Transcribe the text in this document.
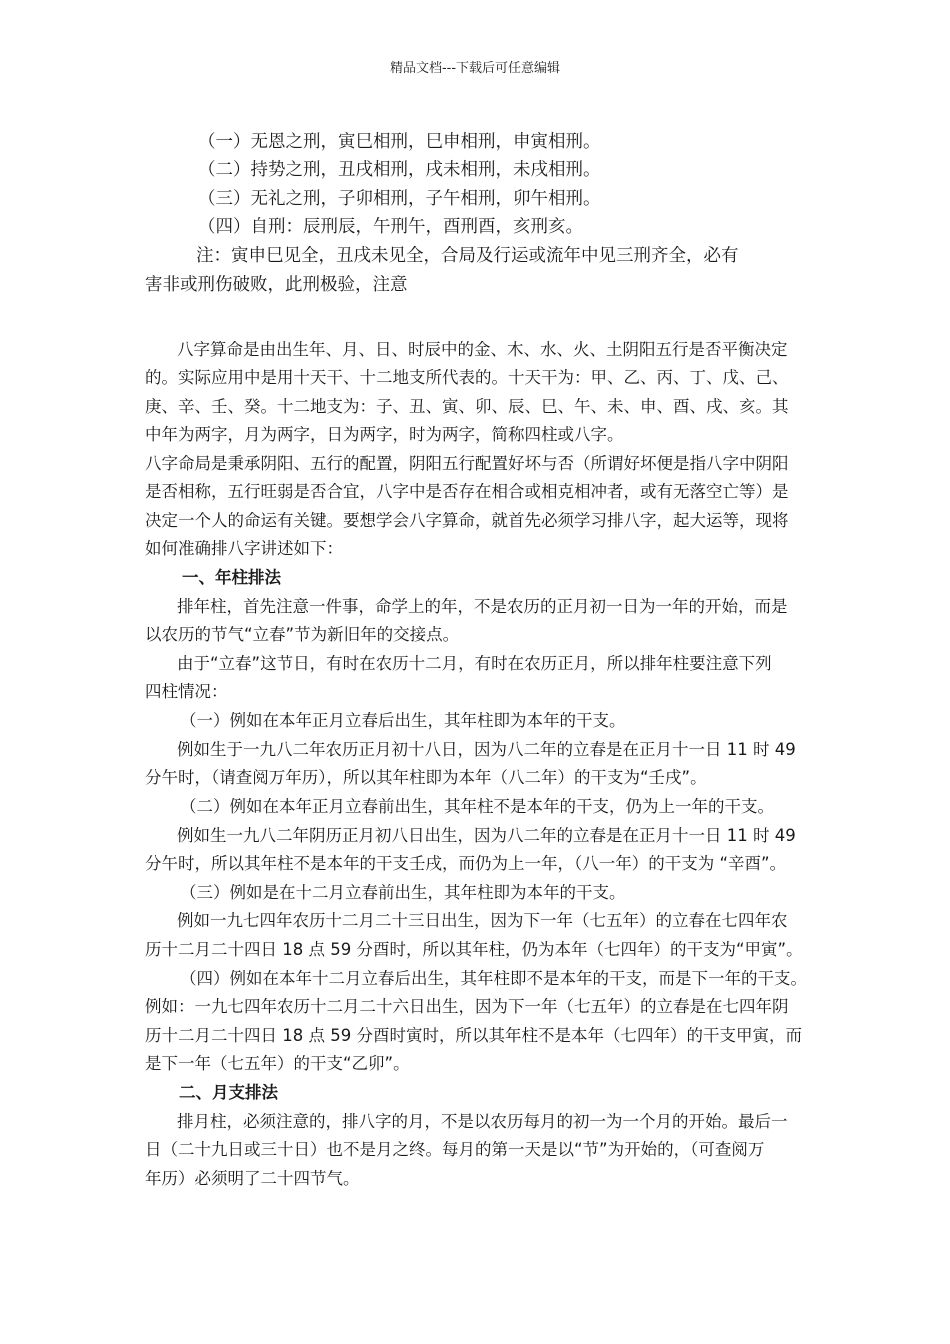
精品文档---下载后可任意编辑
（一）无恩之刑，寅巳相刑，巳申相刑，申寅相刑。
（二）持势之刑，丑戌相刑，戌未相刑，未戌相刑。
（三）无礼之刑，子卯相刑，子午相刑，卯午相刑。
（四）自刑：辰刑辰，午刑午，酉刑酉，亥刑亥。
注：寅申巳见全，丑戌未见全，合局及行运或流年中见三刑齐全，必有
害非或刑伤破败，此刑极验，注意
八字算命是由出生年、月、日、时辰中的金、木、水、火、土阴阳五行是否平衡决定
的。实际应用中是用十天干、十二地支所代表的。十天干为：甲、乙、丙、丁、戊、己、
庚、辛、壬、癸。十二地支为：子、丑、寅、卯、辰、巳、午、未、申、酉、戌、亥。其
中年为两字，月为两字，日为两字，时为两字，简称四柱或八字。
八字命局是秉承阴阳、五行的配置，阴阳五行配置好坏与否（所谓好坏便是指八字中阴阳
是否相称，五行旺弱是否合宜，八字中是否存在相合或相克相冲者，或有无落空亡等）是
决定一个人的命运有关键。要想学会八字算命，就首先必须学习排八字，起大运等，现将
如何准确排八字讲述如下：
一、年柱排法
排年柱，首先注意一件事，命学上的年，不是农历的正月初一日为一年的开始，而是
以农历的节气“立春”节为新旧年的交接点。
由于“立春”这节日，有时在农历十二月，有时在农历正月，所以排年柱要注意下列
四柱情况：
（一）例如在本年正月立春后出生，其年柱即为本年的干支。
例如生于一九八二年农历正月初十八日，因为八二年的立春是在正月十一日 11 时 49
分午时，（请查阅万年历），所以其年柱即为本年（八二年）的干支为“壬戌”。
（二）例如在本年正月立春前出生，其年柱不是本年的干支，仍为上一年的干支。
例如生一九八二年阴历正月初八日出生，因为八二年的立春是在正月十一日 11 时 49
分午时，所以其年柱不是本年的干支壬戌，而仍为上一年，（八一年）的干支为 “辛酉”。
（三）例如是在十二月立春前出生，其年柱即为本年的干支。
例如一九七四年农历十二月二十三日出生，因为下一年（七五年）的立春在七四年农
历十二月二十四日 18 点 59 分酉时，所以其年柱，仍为本年（七四年）的干支为“甲寅”。
（四）例如在本年十二月立春后出生，其年柱即不是本年的干支，而是下一年的干支。
例如：一九七四年农历十二月二十六日出生，因为下一年（七五年）的立春是在七四年阴
历十二月二十四日 18 点 59 分酉时寅时，所以其年柱不是本年（七四年）的干支甲寅，而
是下一年（七五年）的干支“乙卯”。
二、月支排法
排月柱，必须注意的，排八字的月，不是以农历每月的初一为一个月的开始。最后一
日（二十九日或三十日）也不是月之终。每月的第一天是以“节”为开始的，（可查阅万
年历）必须明了二十四节气。
